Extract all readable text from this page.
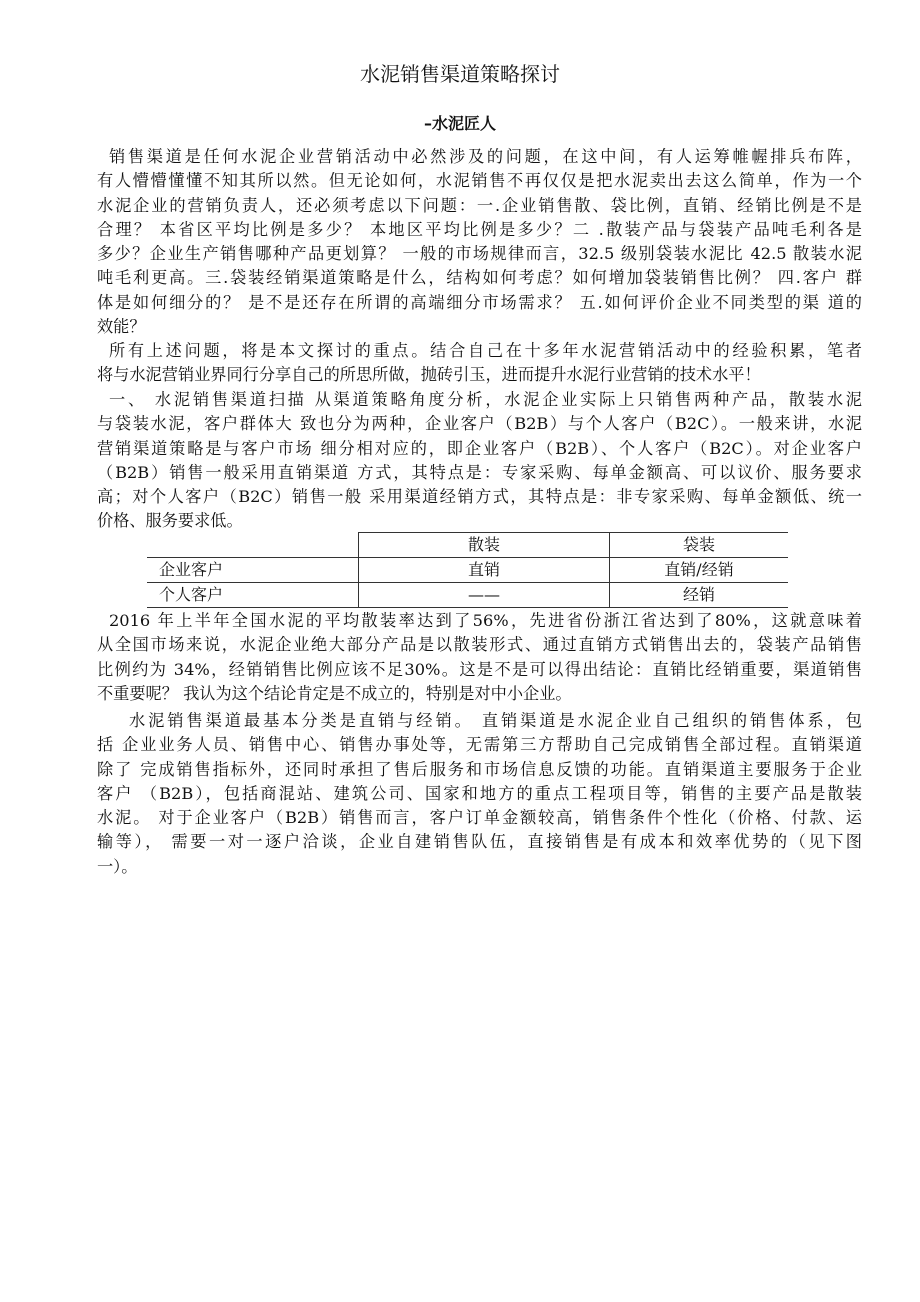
水泥销售渠道策略探讨
–水泥匠人
销售渠道是任何水泥企业营销活动中必然涉及的问题，在这中间，有人运筹帷幄排兵布阵，
有人懵懵懂懂不知其所以然。但无论如何，水泥销售不再仅仅是把水泥卖出去这么简单，作为一个
水泥企业的营销负责人，还必须考虑以下问题：一.企业销售散、袋比例，直销、经销比例是不是
合理？ 本省区平均比例是多少？ 本地区平均比例是多少？二 .散装产品与袋装产品吨毛利各是
多少？企业生产销售哪种产品更划算？ 一般的市场规律而言，32.5 级别袋装水泥比 42.5 散装水泥
吨毛利更高。三.袋装经销渠道策略是什么，结构如何考虑？如何增加袋装销售比例？ 四.客户 群
体是如何细分的？ 是不是还存在所谓的高端细分市场需求？ 五.如何评价企业不同类型的渠 道的
效能？
所有上述问题，将是本文探讨的重点。结合自己在十多年水泥营销活动中的经验积累，笔者
将与水泥营销业界同行分享自己的所思所做，抛砖引玉，进而提升水泥行业营销的技术水平！
一、 水泥销售渠道扫描 从渠道策略角度分析，水泥企业实际上只销售两种产品，散装水泥
与袋装水泥，客户群体大 致也分为两种，企业客户（B2B）与个人客户（B2C）。一般来讲，水泥
营销渠道策略是与客户市场 细分相对应的，即企业客户（B2B）、个人客户（B2C）。对企业客户
（B2B）销售一般采用直销渠道 方式，其特点是：专家采购、每单金额高、可以议价、服务要求
高；对个人客户（B2C）销售一般 采用渠道经销方式，其特点是：非专家采购、每单金额低、统一
价格、服务要求低。
	散装	袋装
企业客户	直销	直销/经销
个人客户	——	经销
2016 年上半年全国水泥的平均散装率达到了56%，先进省份浙江省达到了80%，这就意味着
从全国市场来说，水泥企业绝大部分产品是以散装形式、通过直销方式销售出去的，袋装产品销售
比例约为 34%，经销销售比例应该不足30%。这是不是可以得出结论：直销比经销重要，渠道销售
不重要呢？ 我认为这个结论肯定是不成立的，特别是对中小企业。
水泥销售渠道最基本分类是直销与经销。 直销渠道是水泥企业自己组织的销售体系，包
括 企业业务人员、销售中心、销售办事处等，无需第三方帮助自己完成销售全部过程。直销渠道
除了 完成销售指标外，还同时承担了售后服务和市场信息反馈的功能。直销渠道主要服务于企业
客户 （B2B），包括商混站、建筑公司、国家和地方的重点工程项目等，销售的主要产品是散装
水泥。 对于企业客户（B2B）销售而言，客户订单金额较高，销售条件个性化（价格、付款、运
输等）， 需要一对一逐户洽谈，企业自建销售队伍，直接销售是有成本和效率优势的（见下图
一）。
